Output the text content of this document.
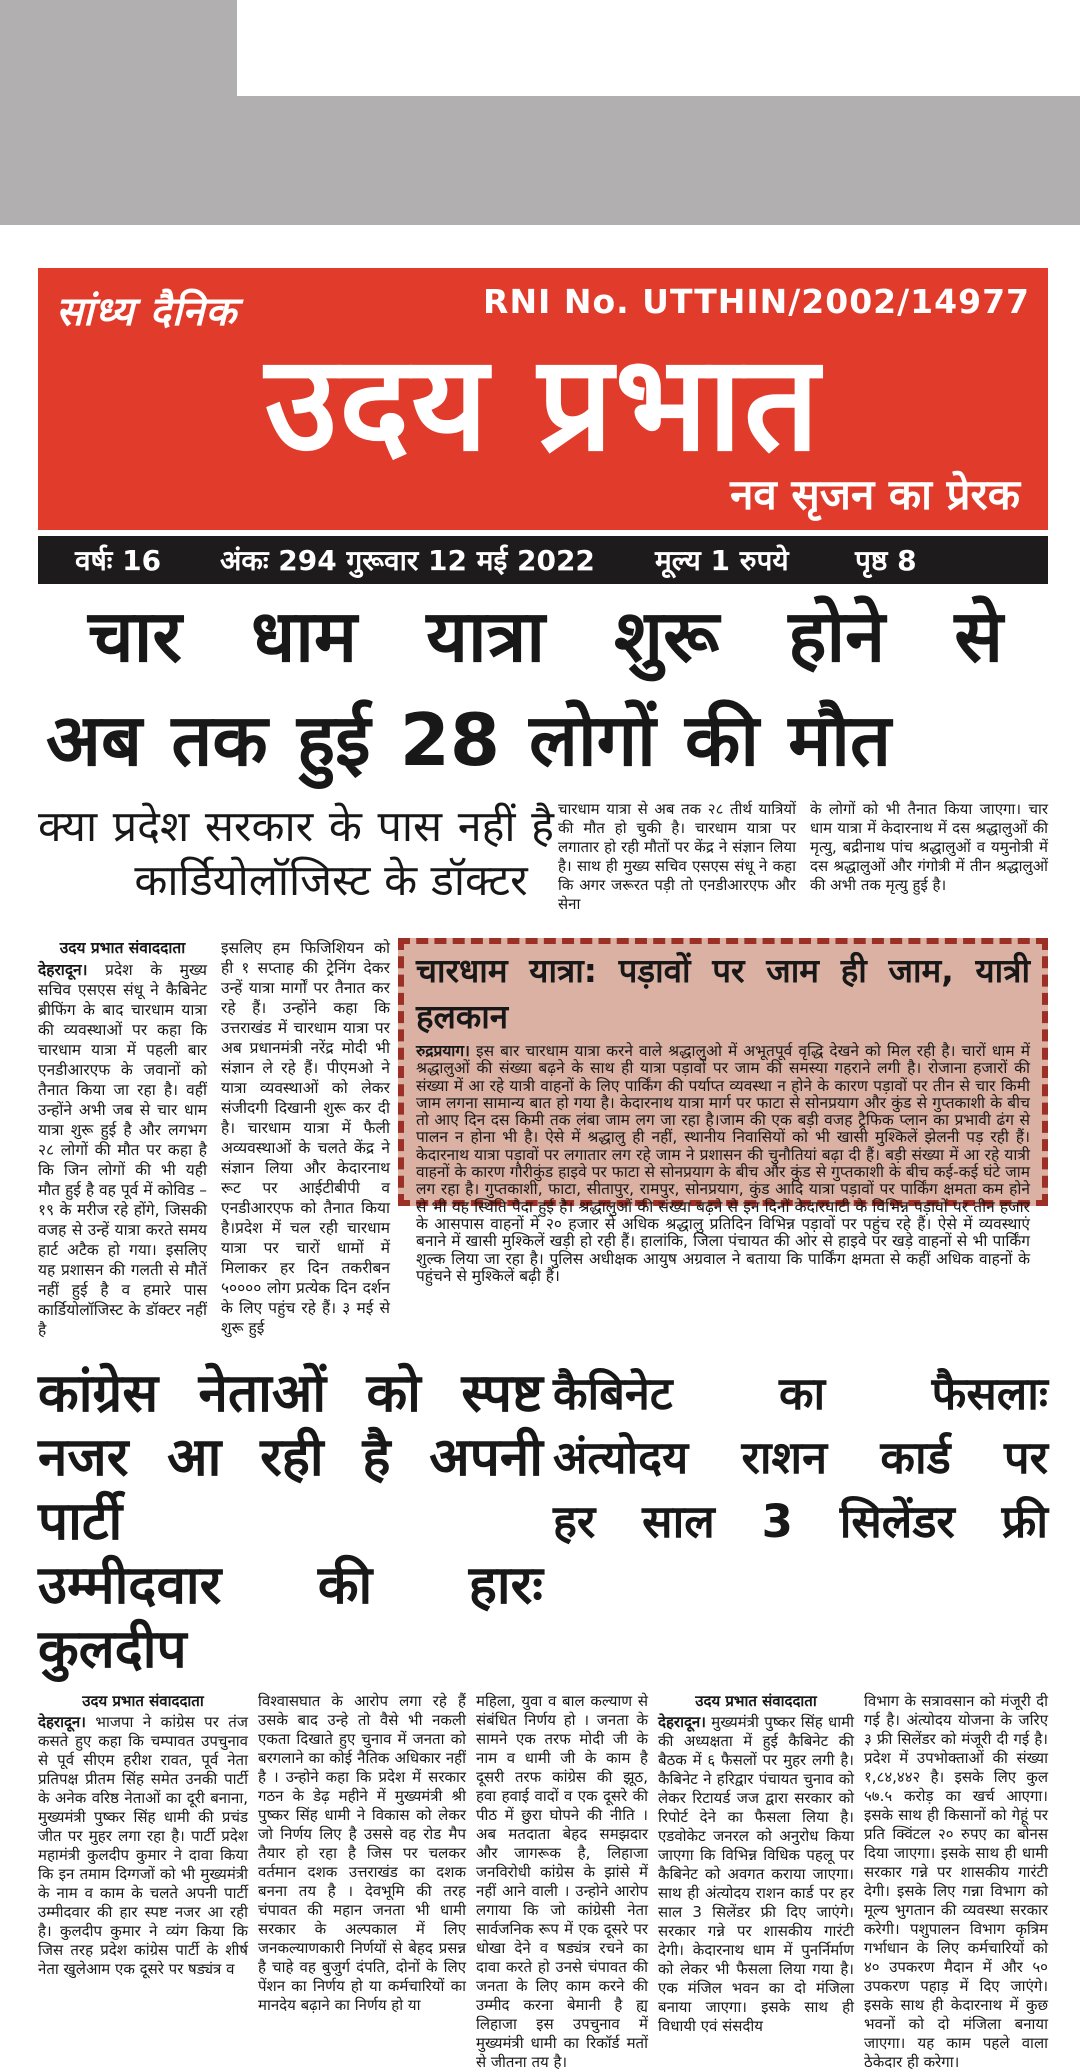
सांध्य दैनिक	RNI No. UTTHIN/2002/14977
उदय प्रभात
नव सृजन का प्रेरक
वर्षः 16	अंकः 294 गुरूवार 12 मई 2022	मूल्य 1 रुपये	पृष्ठ 8
चार धाम यात्रा शुरू होने से
अब तक हुई 28 लोगों की मौत
क्या प्रदेश सरकार के पास नहीं है
कार्डियोलॉजिस्ट के डॉक्टर
चारधाम यात्रा से अब तक २८ तीर्थ यात्रियों की मौत हो चुकी है। चारधाम यात्रा पर लगातार हो रही मौतों पर केंद्र ने संज्ञान लिया है। साथ ही मुख्य सचिव एसएस संधू ने कहा कि अगर जरूरत पड़ी तो एनडीआरएफ और सेना
के लोगों को भी तैनात किया जाएगा। चार धाम यात्रा में केदारनाथ में दस श्रद्धालुओं की मृत्यु, बद्रीनाथ पांच श्रद्धालुओं व यमुनोत्री में दस श्रद्धालुओं और गंगोत्री में तीन श्रद्धालुओं की अभी तक मृत्यु हुई है।
उदय प्रभात संवाददाता
देहरादून। प्रदेश के मुख्य सचिव एसएस संधू ने कैबिनेट ब्रीफिंग के बाद चारधाम यात्रा की व्यवस्थाओं पर कहा कि चारधाम यात्रा में पहली बार एनडीआरएफ के जवानों को तैनात किया जा रहा है। वहीं उन्होंने अभी जब से चार धाम यात्रा शुरू हुई है और लगभग २८ लोगों की मौत पर कहा है कि जिन लोगों की भी यही मौत हुई है वह पूर्व में कोविड –१९ के मरीज रहे होंगे, जिसकी वजह से उन्हें यात्रा करते समय हार्ट अटैक हो गया। इसलिए यह प्रशासन की गलती से मौतें नहीं हुई है व हमारे पास कार्डियोलॉजिस्ट के डॉक्टर नहीं है
इसलिए हम फिजिशियन को ही १ सप्ताह की ट्रेनिंग देकर उन्हें यात्रा मार्गों पर तैनात कर रहे हैं। उन्होंने कहा कि उत्तराखंड में चारधाम यात्रा पर अब प्रधानमंत्री नरेंद्र मोदी भी संज्ञान ले रहे हैं। पीएमओ ने यात्रा व्यवस्थाओं को लेकर संजीदगी दिखानी शुरू कर दी है। चारधाम यात्रा में फैली अव्यवस्थाओं के चलते केंद्र ने संज्ञान लिया और केदारनाथ रूट पर आईटीबीपी व एनडीआरएफ को तैनात किया है।प्रदेश में चल रही चारधाम यात्रा पर चारों धामों में मिलाकर हर दिन तकरीबन ५०००० लोग प्रत्येक दिन दर्शन के लिए पहुंच रहे हैं। ३ मई से शुरू हुई
चारधाम यात्रा: पड़ावों पर जाम ही जाम, यात्री हलकान
रुद्रप्रयाग। इस बार चारधाम यात्रा करने वाले श्रद्धालुओ में अभूतपूर्व वृद्धि देखने को मिल रही है। चारों धाम में श्रद्धालुओं की संख्या बढ़ने के साथ ही यात्रा पड़ावों पर जाम की समस्या गहराने लगी है। रोजाना हजारों की संख्या में आ रहे यात्री वाहनों के लिए पार्किंग की पर्याप्त व्यवस्था न होने के कारण पड़ावों पर तीन से चार किमी जाम लगना सामान्य बात हो गया है। केदारनाथ यात्रा मार्ग पर फाटा से सोनप्रयाग और कुंड से गुप्तकाशी के बीच तो आए दिन दस किमी तक लंबा जाम लग जा रहा है।जाम की एक बड़ी वजह ट्रैफिक प्लान का प्रभावी ढंग से पालन न होना भी है। ऐसे में श्रद्धालु ही नहीं, स्थानीय निवासियों को भी खासी मुश्किलें झेलनी पड़ रही हैं। केदारनाथ यात्रा पड़ावों पर लगातार लग रहे जाम ने प्रशासन की चुनौतियां बढ़ा दी हैं। बड़ी संख्या में आ रहे यात्री वाहनों के कारण गौरीकुंड हाइवे पर फाटा से सोनप्रयाग के बीच और कुंड से गुप्तकाशी के बीच कई-कई घंटे जाम लग रहा है। गुप्तकाशी, फाटा, सीतापुर, रामपुर, सोनप्रयाग, कुंड आदि यात्रा पड़ावों पर पार्किंग क्षमता कम होने से भी यह स्थिति पैदा हुई है। श्रद्धालुओं की संख्या बढ़ने से इन दिनों केदारघाटी के विभिन्न पड़ावों पर तीन हजार के आसपास वाहनों में २० हजार से अधिक श्रद्धालु प्रतिदिन विभिन्न पड़ावों पर पहुंच रहे हैं। ऐसे में व्यवस्थाएं बनाने में खासी मुश्किलें खड़ी हो रही हैं। हालांकि, जिला पंचायत की ओर से हाइवे पर खड़े वाहनों से भी पार्किंग शुल्क लिया जा रहा है। पुलिस अधीक्षक आयुष अग्रवाल ने बताया कि पार्किंग क्षमता से कहीं अधिक वाहनों के पहुंचने से मुश्किलें बढ़ी हैं।
कांग्रेस नेताओं को स्पष्ट
नजर आ रही है अपनी पार्टी
उम्मीदवार की हारः कुलदीप
कैबिनेट का फैसलाः
अंत्योदय राशन कार्ड पर
हर साल 3 सिलेंडर फ्री
उदय प्रभात संवाददाता
देहरादून। भाजपा ने कांग्रेस पर तंज कसते हुए कहा कि चम्पावत उपचुनाव से पूर्व सीएम हरीश रावत, पूर्व नेता प्रतिपक्ष प्रीतम सिंह समेत उनकी पार्टी के अनेक वरिष्ठ नेताओं का दूरी बनाना, मुख्यमंत्री पुष्कर सिंह धामी की प्रचंड जीत पर मुहर लगा रहा है। पार्टी प्रदेश महामंत्री कुलदीप कुमार ने दावा किया कि इन तमाम दिग्गजों को भी मुख्यमंत्री के नाम व काम के चलते अपनी पार्टी उम्मीदवार की हार स्पष्ट नजर आ रही है। कुलदीप कुमार ने व्यंग किया कि जिस तरह प्रदेश कांग्रेस पार्टी के शीर्ष नेता खुलेआम एक दूसरे पर षड्यंत्र व
विश्वासघात के आरोप लगा रहे हैं उसके बाद उन्हे तो वैसे भी नकली एकता दिखाते हुए चुनाव में जनता को बरगलाने का कोई नैतिक अधिकार नहीं है । उन्होने कहा कि प्रदेश में सरकार गठन के डेढ़ महीने में मुख्यमंत्री श्री पुष्कर सिंह धामी ने विकास को लेकर जो निर्णय लिए है उससे वह रोड मैप तैयार हो रहा है जिस पर चलकर वर्तमान दशक उत्तराखंड का दशक बनना तय है । देवभूमि की तरह चंपावत की महान जनता भी धामी सरकार के अल्पकाल में लिए जनकल्याणकारी निर्णयों से बेहद प्रसन्न है चाहे वह बुजुर्ग दंपति, दोनों के लिए पेंशन का निर्णय हो या कर्मचारियों का मानदेय बढ़ाने का निर्णय हो या
महिला, युवा व बाल कल्याण से संबंधित निर्णय हो । जनता के सामने एक तरफ मोदी जी के नाम व धामी जी के काम है दूसरी तरफ कांग्रेस की झूठ, हवा हवाई वादों व एक दूसरे की पीठ में छुरा घोपने की नीति । अब मतदाता बेहद समझदार और जागरूक है, लिहाजा जनविरोधी कांग्रेस के झांसे में नहीं आने वाली । उन्होने आरोप लगाया कि जो कांग्रेसी नेता सार्वजनिक रूप में एक दूसरे पर धोखा देने व षड्यंत्र रचने का दावा करते हो उनसे चंपावत की जनता के लिए काम करने की उम्मीद करना बेमानी है ह्य लिहाजा इस उपचुनाव में मुख्यमंत्री धामी का रिकॉर्ड मतों से जीतना तय है।
उदय प्रभात संवाददाता
देहरादून। मुख्यमंत्री पुष्कर सिंह धामी की अध्यक्षता में हुई कैबिनेट की बैठक में ६ फैसलों पर मुहर लगी है। कैबिनेट ने हरिद्वार पंचायत चुनाव को लेकर रिटायर्ड जज द्वारा सरकार को रिपोर्ट देने का फैसला लिया है। एडवोकेट जनरल को अनुरोध किया जाएगा कि विभिन्न विधिक पहलू पर कैबिनेट को अवगत कराया जाएगा। साथ ही अंत्योदय राशन कार्ड पर हर साल 3 सिलेंडर फ्री दिए जाएंगे। सरकार गन्ने पर शासकीय गारंटी देगी। केदारनाथ धाम में पुनर्निर्माण को लेकर भी फैसला लिया गया है। एक मंजिल भवन का दो मंजिला बनाया जाएगा। इसके साथ ही विधायी एवं संसदीय
विभाग के सत्रावसान को मंजूरी दी गई है। अंत्योदय योजना के जरिए ३ फ्री सिलेंडर को मंजूरी दी गई है। प्रदेश में उपभोक्ताओं की संख्या १,८४,४४२ है। इसके लिए कुल ५७.५ करोड़ का खर्च आएगा। इसके साथ ही किसानों को गेहूं पर प्रति क्विंटल २० रुपए का बोनस दिया जाएगा। इसके साथ ही धामी सरकार गन्ने पर शासकीय गारंटी देगी। इसके लिए गन्ना विभाग को मूल्य भुगतान की व्यवस्था सरकार करेगी। पशुपालन विभाग कृत्रिम गर्भाधान के लिए कर्मचारियों को ४० उपकरण मैदान में और ५० उपकरण पहाड़ में दिए जाएंगे। इसके साथ ही केदारनाथ में कुछ भवनों को दो मंजिला बनाया जाएगा। यह काम पहले वाला ठेकेदार ही करेगा।
